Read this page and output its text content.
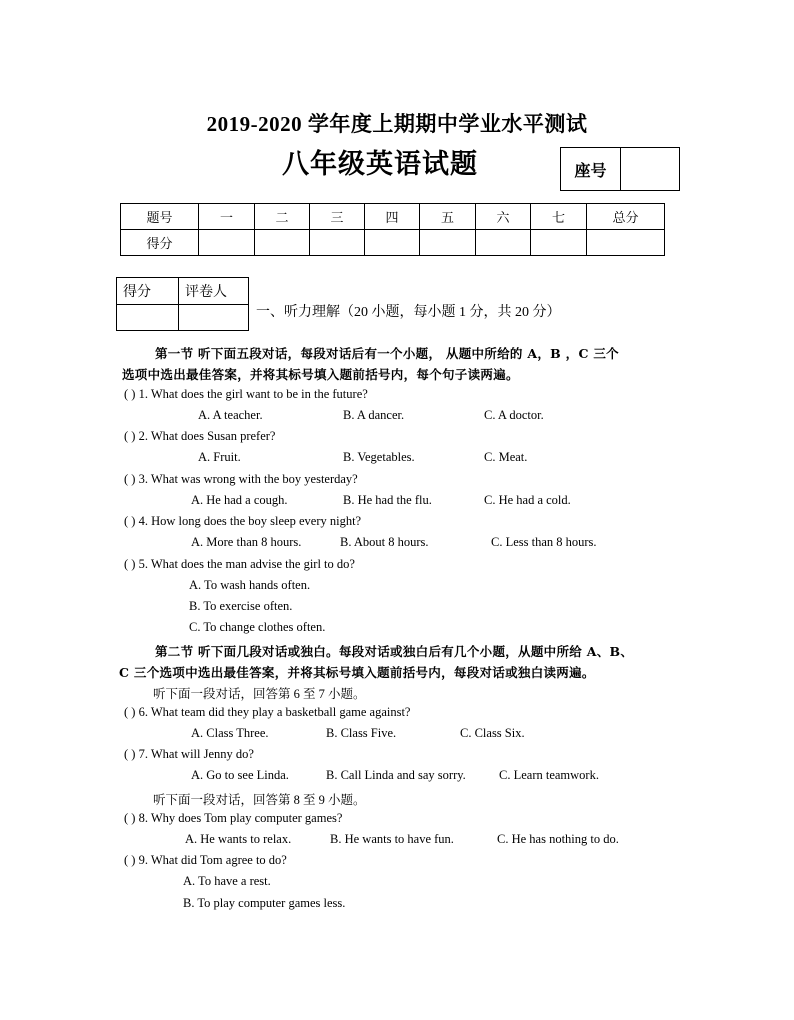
2019-2020 学年度上期期中学业水平测试
八年级英语试题	座号	
题号	一	二	三	四	五	六	七	总分
得分								
得分	评卷人

一、听力理解（20 小题，每小题 1 分，共 20 分）
第一节 听下面五段对话，每段对话后有一个小题， 从题中所给的 A，B ，C 三个
选项中选出最佳答案，并将其标号填入题前括号内，每个句子读两遍。
( ) 1. What does the girl want to be in the future?
A. A teacher.	B. A dancer.	C. A doctor.
( ) 2. What does Susan prefer?
A. Fruit.	B. Vegetables.	C. Meat.
( ) 3. What was wrong with the boy yesterday?
A. He had a cough.	B. He had the flu.	C. He had a cold.
( ) 4. How long does the boy sleep every night?
A. More than 8 hours.	B. About 8 hours.	C. Less than 8 hours.
( ) 5. What does the man advise the girl to do?
A. To wash hands often.
B. To exercise often.
C. To change clothes often.
第二节 听下面几段对话或独白。每段对话或独白后有几个小题，从题中所给 A、B、
C 三个选项中选出最佳答案，并将其标号填入题前括号内，每段对话或独白读两遍。
听下面一段对话，回答第 6 至 7 小题。
( ) 6. What team did they play a basketball game against?
A. Class Three.	B. Class Five.	C. Class Six.
( ) 7. What will Jenny do?
A. Go to see Linda.	B. Call Linda and say sorry.	C. Learn teamwork.
听下面一段对话，回答第 8 至 9 小题。
( ) 8. Why does Tom play computer games?
A. He wants to relax.	B. He wants to have fun.	C. He has nothing to do.
( ) 9. What did Tom agree to do?
A. To have a rest.
B. To play computer games less.
